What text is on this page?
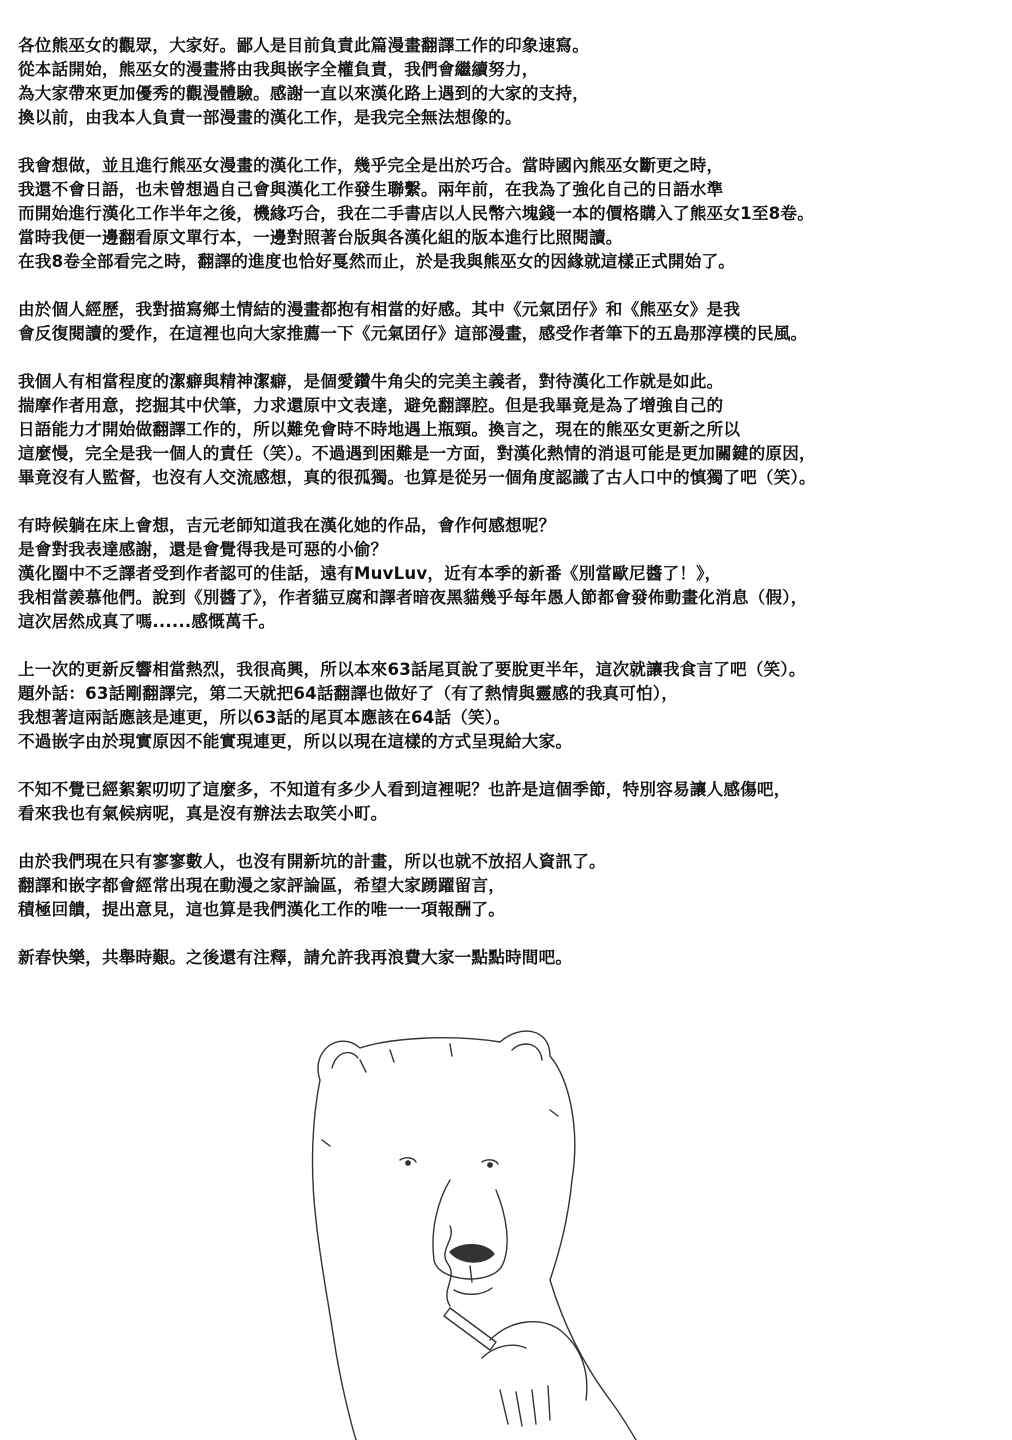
各位熊巫女的觀眾，大家好。鄙人是目前負責此篇漫畫翻譯工作的印象速寫。
從本話開始，熊巫女的漫畫將由我與嵌字全權負責，我們會繼續努力，
為大家帶來更加優秀的觀漫體驗。感謝一直以來漢化路上遇到的大家的支持，
換以前，由我本人負責一部漫畫的漢化工作，是我完全無法想像的。

我會想做，並且進行熊巫女漫畫的漢化工作，幾乎完全是出於巧合。當時國內熊巫女斷更之時，
我還不會日語，也未曾想過自己會與漢化工作發生聯繫。兩年前，在我為了強化自己的日語水準
而開始進行漢化工作半年之後，機緣巧合，我在二手書店以人民幣六塊錢一本的價格購入了熊巫女1至8卷。
當時我便一邊翻看原文單行本，一邊對照著台版與各漢化組的版本進行比照閱讀。
在我8卷全部看完之時，翻譯的進度也恰好戛然而止，於是我與熊巫女的因緣就這樣正式開始了。

由於個人經歷，我對描寫鄉土情結的漫畫都抱有相當的好感。其中《元氣囝仔》和《熊巫女》是我
會反復閱讀的愛作，在這裡也向大家推薦一下《元氣囝仔》這部漫畫，感受作者筆下的五島那淳樸的民風。

我個人有相當程度的潔癖與精神潔癖，是個愛鑽牛角尖的完美主義者，對待漢化工作就是如此。
揣摩作者用意，挖掘其中伏筆，力求還原中文表達，避免翻譯腔。但是我畢竟是為了增強自己的
日語能力才開始做翻譯工作的，所以難免會時不時地遇上瓶頸。換言之，現在的熊巫女更新之所以
這麼慢，完全是我一個人的責任（笑）。不過遇到困難是一方面，對漢化熱情的消退可能是更加關鍵的原因，
畢竟沒有人監督，也沒有人交流感想，真的很孤獨。也算是從另一個角度認識了古人口中的慎獨了吧（笑）。

有時候躺在床上會想，吉元老師知道我在漢化她的作品，會作何感想呢？
是會對我表達感謝，還是會覺得我是可惡的小偷？
漢化圈中不乏譯者受到作者認可的佳話，遠有MuvLuv，近有本季的新番《別當歐尼醬了！》，
我相當羨慕他們。說到《別醬了》，作者貓豆腐和譯者暗夜黑貓幾乎每年愚人節都會發佈動畫化消息（假），
這次居然成真了嗎......感慨萬千。

上一次的更新反響相當熱烈，我很高興，所以本來63話尾頁說了要脫更半年，這次就讓我食言了吧（笑）。
題外話：63話剛翻譯完，第二天就把64話翻譯也做好了（有了熱情與靈感的我真可怕），
我想著這兩話應該是連更，所以63話的尾頁本應該在64話（笑）。
不過嵌字由於現實原因不能實現連更，所以以現在這樣的方式呈現給大家。

不知不覺已經絮絮叨叨了這麼多，不知道有多少人看到這裡呢？也許是這個季節，特別容易讓人感傷吧，
看來我也有氣候病呢，真是沒有辦法去取笑小町。

由於我們現在只有寥寥數人，也沒有開新坑的計畫，所以也就不放招人資訊了。
翻譯和嵌字都會經常出現在動漫之家評論區，希望大家踴躍留言，
積極回饋，提出意見，這也算是我們漢化工作的唯一一項報酬了。

新春快樂，共舉時艱。之後還有注釋，請允許我再浪費大家一點點時間吧。
